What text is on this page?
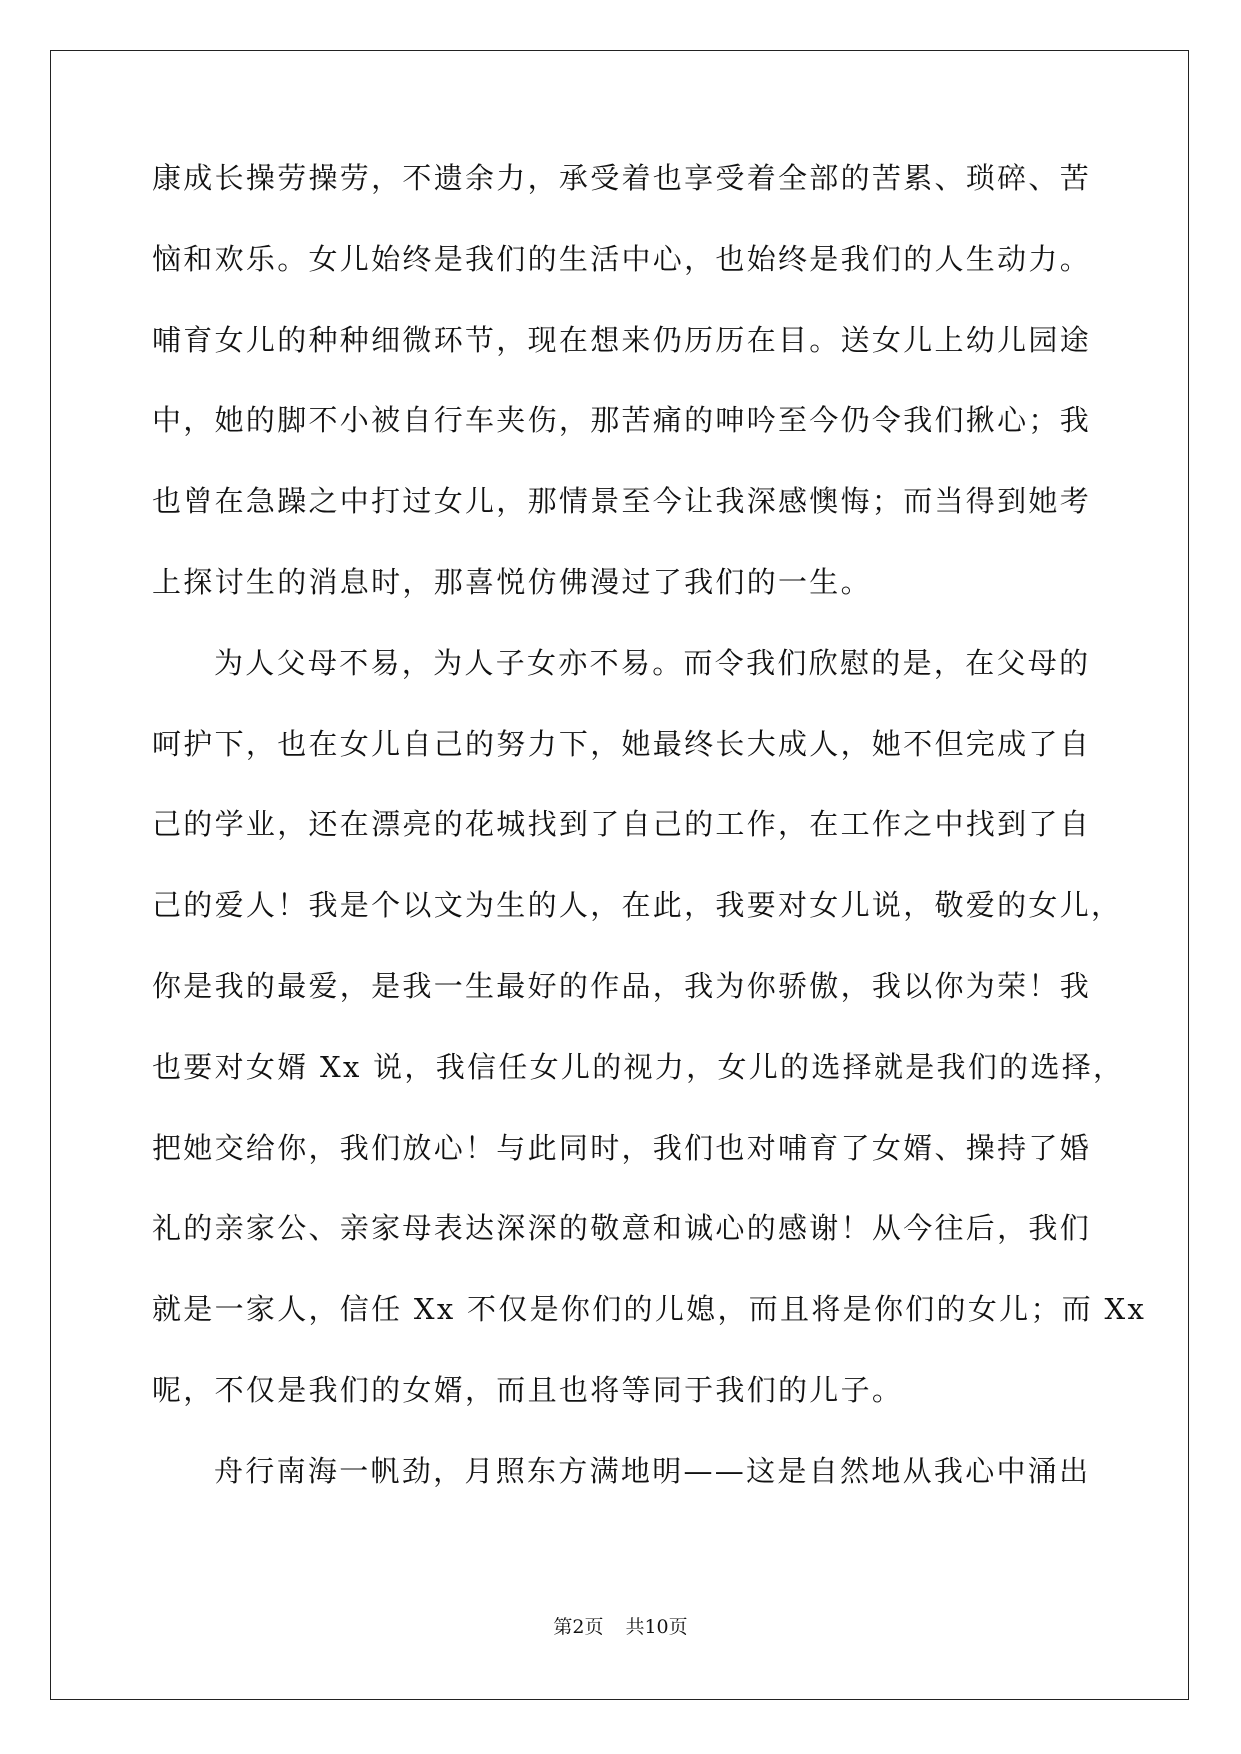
康成长操劳操劳，不遗余力，承受着也享受着全部的苦累、琐碎、苦
恼和欢乐。女儿始终是我们的生活中心，也始终是我们的人生动力。
哺育女儿的种种细微环节，现在想来仍历历在目。送女儿上幼儿园途
中，她的脚不小被自行车夹伤，那苦痛的呻吟至今仍令我们揪心；我
也曾在急躁之中打过女儿，那情景至今让我深感懊悔；而当得到她考
上探讨生的消息时，那喜悦仿佛漫过了我们的一生。
为人父母不易，为人子女亦不易。而令我们欣慰的是，在父母的
呵护下，也在女儿自己的努力下，她最终长大成人，她不但完成了自
己的学业，还在漂亮的花城找到了自己的工作，在工作之中找到了自
己的爱人！我是个以文为生的人，在此，我要对女儿说，敬爱的女儿，
你是我的最爱，是我一生最好的作品，我为你骄傲，我以你为荣！我
也要对女婿 Xx 说，我信任女儿的视力，女儿的选择就是我们的选择，
把她交给你，我们放心！与此同时，我们也对哺育了女婿、操持了婚
礼的亲家公、亲家母表达深深的敬意和诚心的感谢！从今往后，我们
就是一家人，信任 Xx 不仅是你们的儿媳，而且将是你们的女儿；而 Xx
呢，不仅是我们的女婿，而且也将等同于我们的儿子。
舟行南海一帆劲，月照东方满地明——这是自然地从我心中涌出
第2页 共10页
